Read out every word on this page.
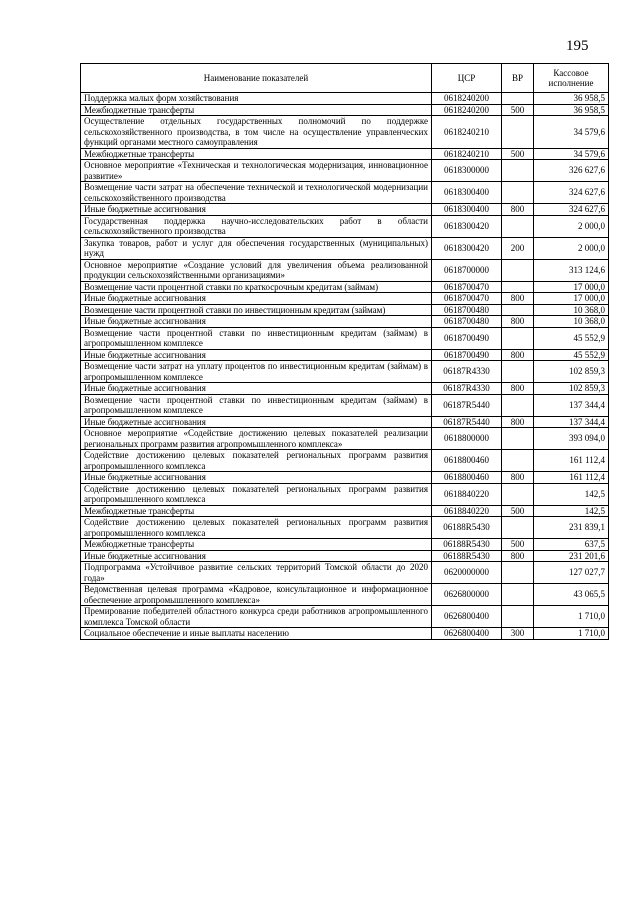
195
Наименование показателей	ЦСР	ВР	Кассовое исполнение
Поддержка малых форм хозяйствования	0618240200		36 958,5
Межбюджетные трансферты	0618240200	500	36 958,5
Осуществление отдельных государственных полномочий по поддержке сельскохозяйственного производства, в том числе на осуществление управленческих функций органами местного самоуправления	0618240210		34 579,6
Межбюджетные трансферты	0618240210	500	34 579,6
Основное мероприятие «Техническая и технологическая модернизация, инновационное развитие»	0618300000		326 627,6
Возмещение части затрат на обеспечение технической и технологической модернизации сельскохозяйственного производства	0618300400		324 627,6
Иные бюджетные ассигнования	0618300400	800	324 627,6
Государственная поддержка научно-исследовательских работ в области сельскохозяйственного производства	0618300420		2 000,0
Закупка товаров, работ и услуг для обеспечения государственных (муниципальных) нужд	0618300420	200	2 000,0
Основное мероприятие «Создание условий для увеличения объема реализованной продукции сельскохозяйственными организациями»	0618700000		313 124,6
Возмещение части процентной ставки по краткосрочным кредитам (займам)	0618700470		17 000,0
Иные бюджетные ассигнования	0618700470	800	17 000,0
Возмещение части процентной ставки по инвестиционным кредитам (займам)	0618700480		10 368,0
Иные бюджетные ассигнования	0618700480	800	10 368,0
Возмещение части процентной ставки по инвестиционным кредитам (займам) в агропромышленном комплексе	0618700490		45 552,9
Иные бюджетные ассигнования	0618700490	800	45 552,9
Возмещение части затрат на уплату процентов по инвестиционным кредитам (займам) в агропромышленном комплексе	06187R4330		102 859,3
Иные бюджетные ассигнования	06187R4330	800	102 859,3
Возмещение части процентной ставки по инвестиционным кредитам (займам) в агропромышленном комплексе	06187R5440		137 344,4
Иные бюджетные ассигнования	06187R5440	800	137 344,4
Основное мероприятие «Содействие достижению целевых показателей реализации региональных программ развития агропромышленного комплекса»	0618800000		393 094,0
Содействие достижению целевых показателей региональных программ развития агропромышленного комплекса	0618800460		161 112,4
Иные бюджетные ассигнования	0618800460	800	161 112,4
Содействие достижению целевых показателей региональных программ развития агропромышленного комплекса	0618840220		142,5
Межбюджетные трансферты	0618840220	500	142,5
Содействие достижению целевых показателей региональных программ развития агропромышленного комплекса	06188R5430		231 839,1
Межбюджетные трансферты	06188R5430	500	637,5
Иные бюджетные ассигнования	06188R5430	800	231 201,6
Подпрограмма «Устойчивое развитие сельских территорий Томской области до 2020 года»	0620000000		127 027,7
Ведомственная целевая программа «Кадровое, консультационное и информационное обеспечение агропромышленного комплекса»	0626800000		43 065,5
Премирование победителей областного конкурса среди работников агропромышленного комплекса Томской области	0626800400		1 710,0
Социальное обеспечение и иные выплаты населению	0626800400	300	1 710,0
